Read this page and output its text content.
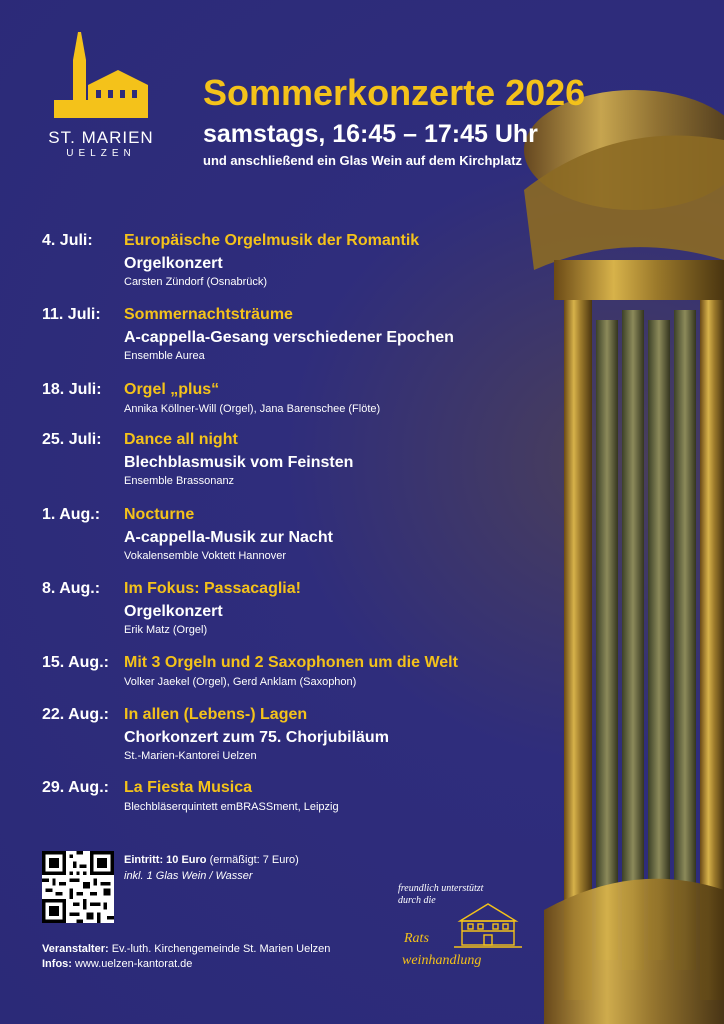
ST. MARIEN
UELZEN
Sommerkonzerte 2026
samstags, 16:45 – 17:45 Uhr
und anschließend ein Glas Wein auf dem Kirchplatz
4. Juli: Europäische Orgelmusik der Romantik
Orgelkonzert
Carsten Zündorf (Osnabrück)
11. Juli: Sommernachtsträume
A-cappella-Gesang verschiedener Epochen
Ensemble Aurea
18. Juli: Orgel „plus“
Annika Köllner-Will (Orgel), Jana Barenschee (Flöte)
25. Juli: Dance all night
Blechblasmusik vom Feinsten
Ensemble Brassonanz
1. Aug.: Nocturne
A-cappella-Musik zur Nacht
Vokalensemble Voktett Hannover
8. Aug.: Im Fokus: Passacaglia!
Orgelkonzert
Erik Matz (Orgel)
15. Aug.: Mit 3 Orgeln und 2 Saxophonen um die Welt
Volker Jaekel (Orgel), Gerd Anklam (Saxophon)
22. Aug.: In allen (Lebens-) Lagen
Chorkonzert zum 75. Chorjubiläum
St.-Marien-Kantorei Uelzen
29. Aug.: La Fiesta Musica
Blechbläserquintett emBRASSment, Leipzig
Eintritt: 10 Euro (ermäßigt: 7 Euro)
inkl. 1 Glas Wein / Wasser
Veranstalter: Ev.-luth. Kirchengemeinde St. Marien Uelzen
Infos: www.uelzen-kantorat.de
freundlich unterstützt
durch die
Rats
weinhandlung
